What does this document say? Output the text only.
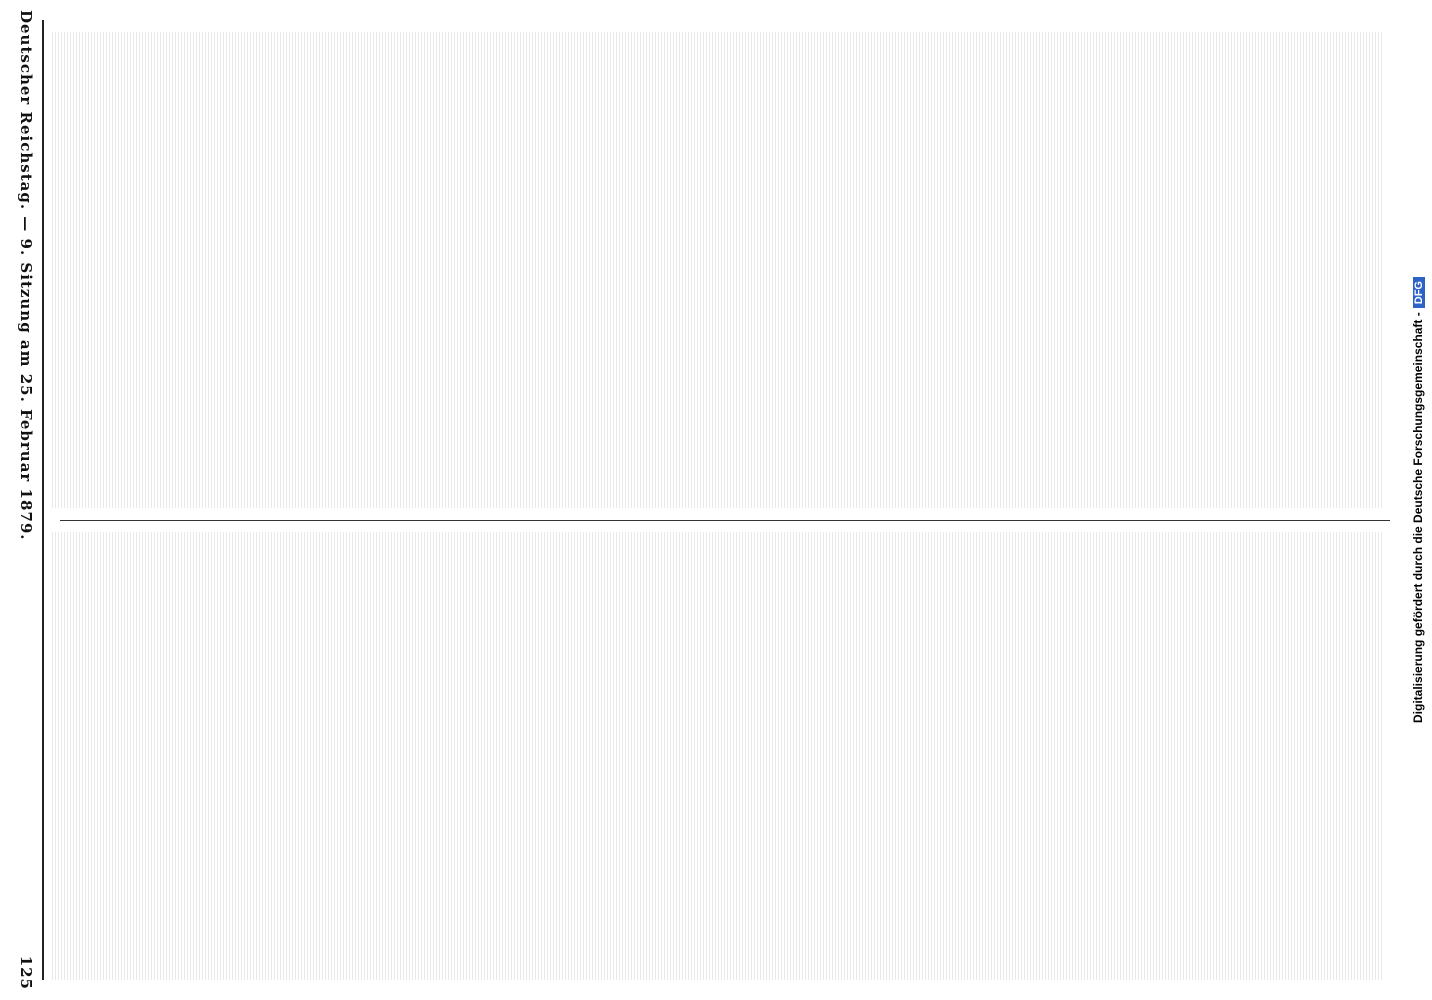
Deutscher Reichstag. — 9. Sitzung am 25. Februar 1879.
125
Digitalisierung gefördert durch die Deutsche Forschungsgemeinschaft -DFG
